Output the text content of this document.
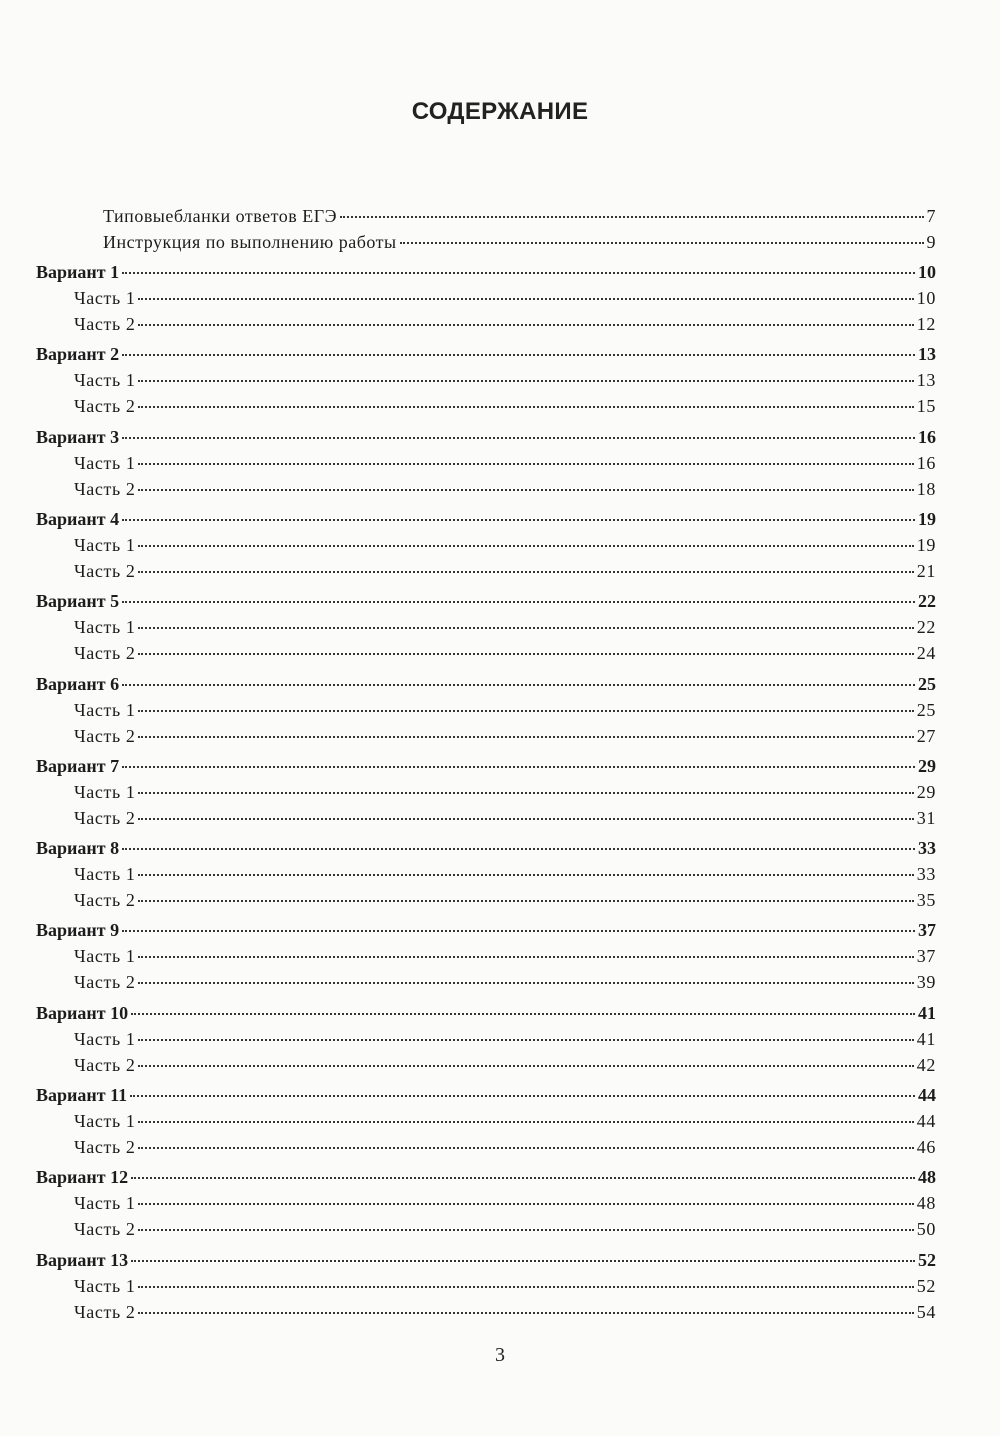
СОДЕРЖАНИЕ
Типовыебланки ответов ЕГЭ	7
Инструкция по выполнению работы	9
Вариант 1	10
Часть 1	10
Часть 2	12
Вариант 2	13
Часть 1	13
Часть 2	15
Вариант 3	16
Часть 1	16
Часть 2	18
Вариант 4	19
Часть 1	19
Часть 2	21
Вариант 5	22
Часть 1	22
Часть 2	24
Вариант 6	25
Часть 1	25
Часть 2	27
Вариант 7	29
Часть 1	29
Часть 2	31
Вариант 8	33
Часть 1	33
Часть 2	35
Вариант 9	37
Часть 1	37
Часть 2	39
Вариант 10	41
Часть 1	41
Часть 2	42
Вариант 11	44
Часть 1	44
Часть 2	46
Вариант 12	48
Часть 1	48
Часть 2	50
Вариант 13	52
Часть 1	52
Часть 2	54
3
